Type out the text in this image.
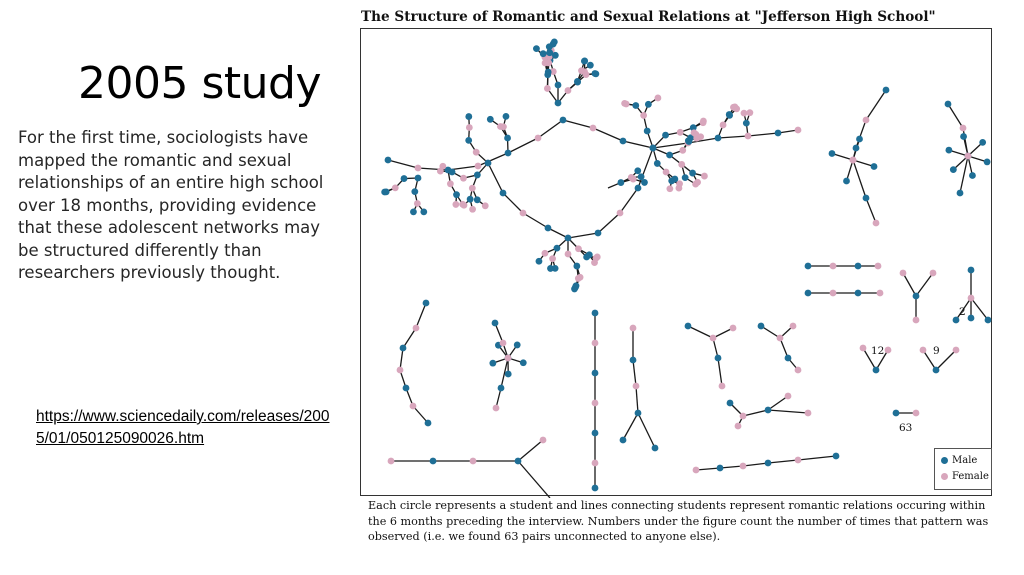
2005 study

For the first time, sociologists have mapped the romantic and sexual relationships of an entire high school over 18 months, providing evidence that these adolescent networks may be structured differently than researchers previously thought.

https://www.sciencedaily.com/releases/2005/01/050125090026.htm
The Structure of Romantic and Sexual Relations at "Jefferson High School"
2
12	9
63
Male
Female
Each circle represents a student and lines connecting students represent romantic relations occuring within the 6 months preceding the interview. Numbers under the figure count the number of times that pattern was observed (i.e. we found 63 pairs unconnected to anyone else).
